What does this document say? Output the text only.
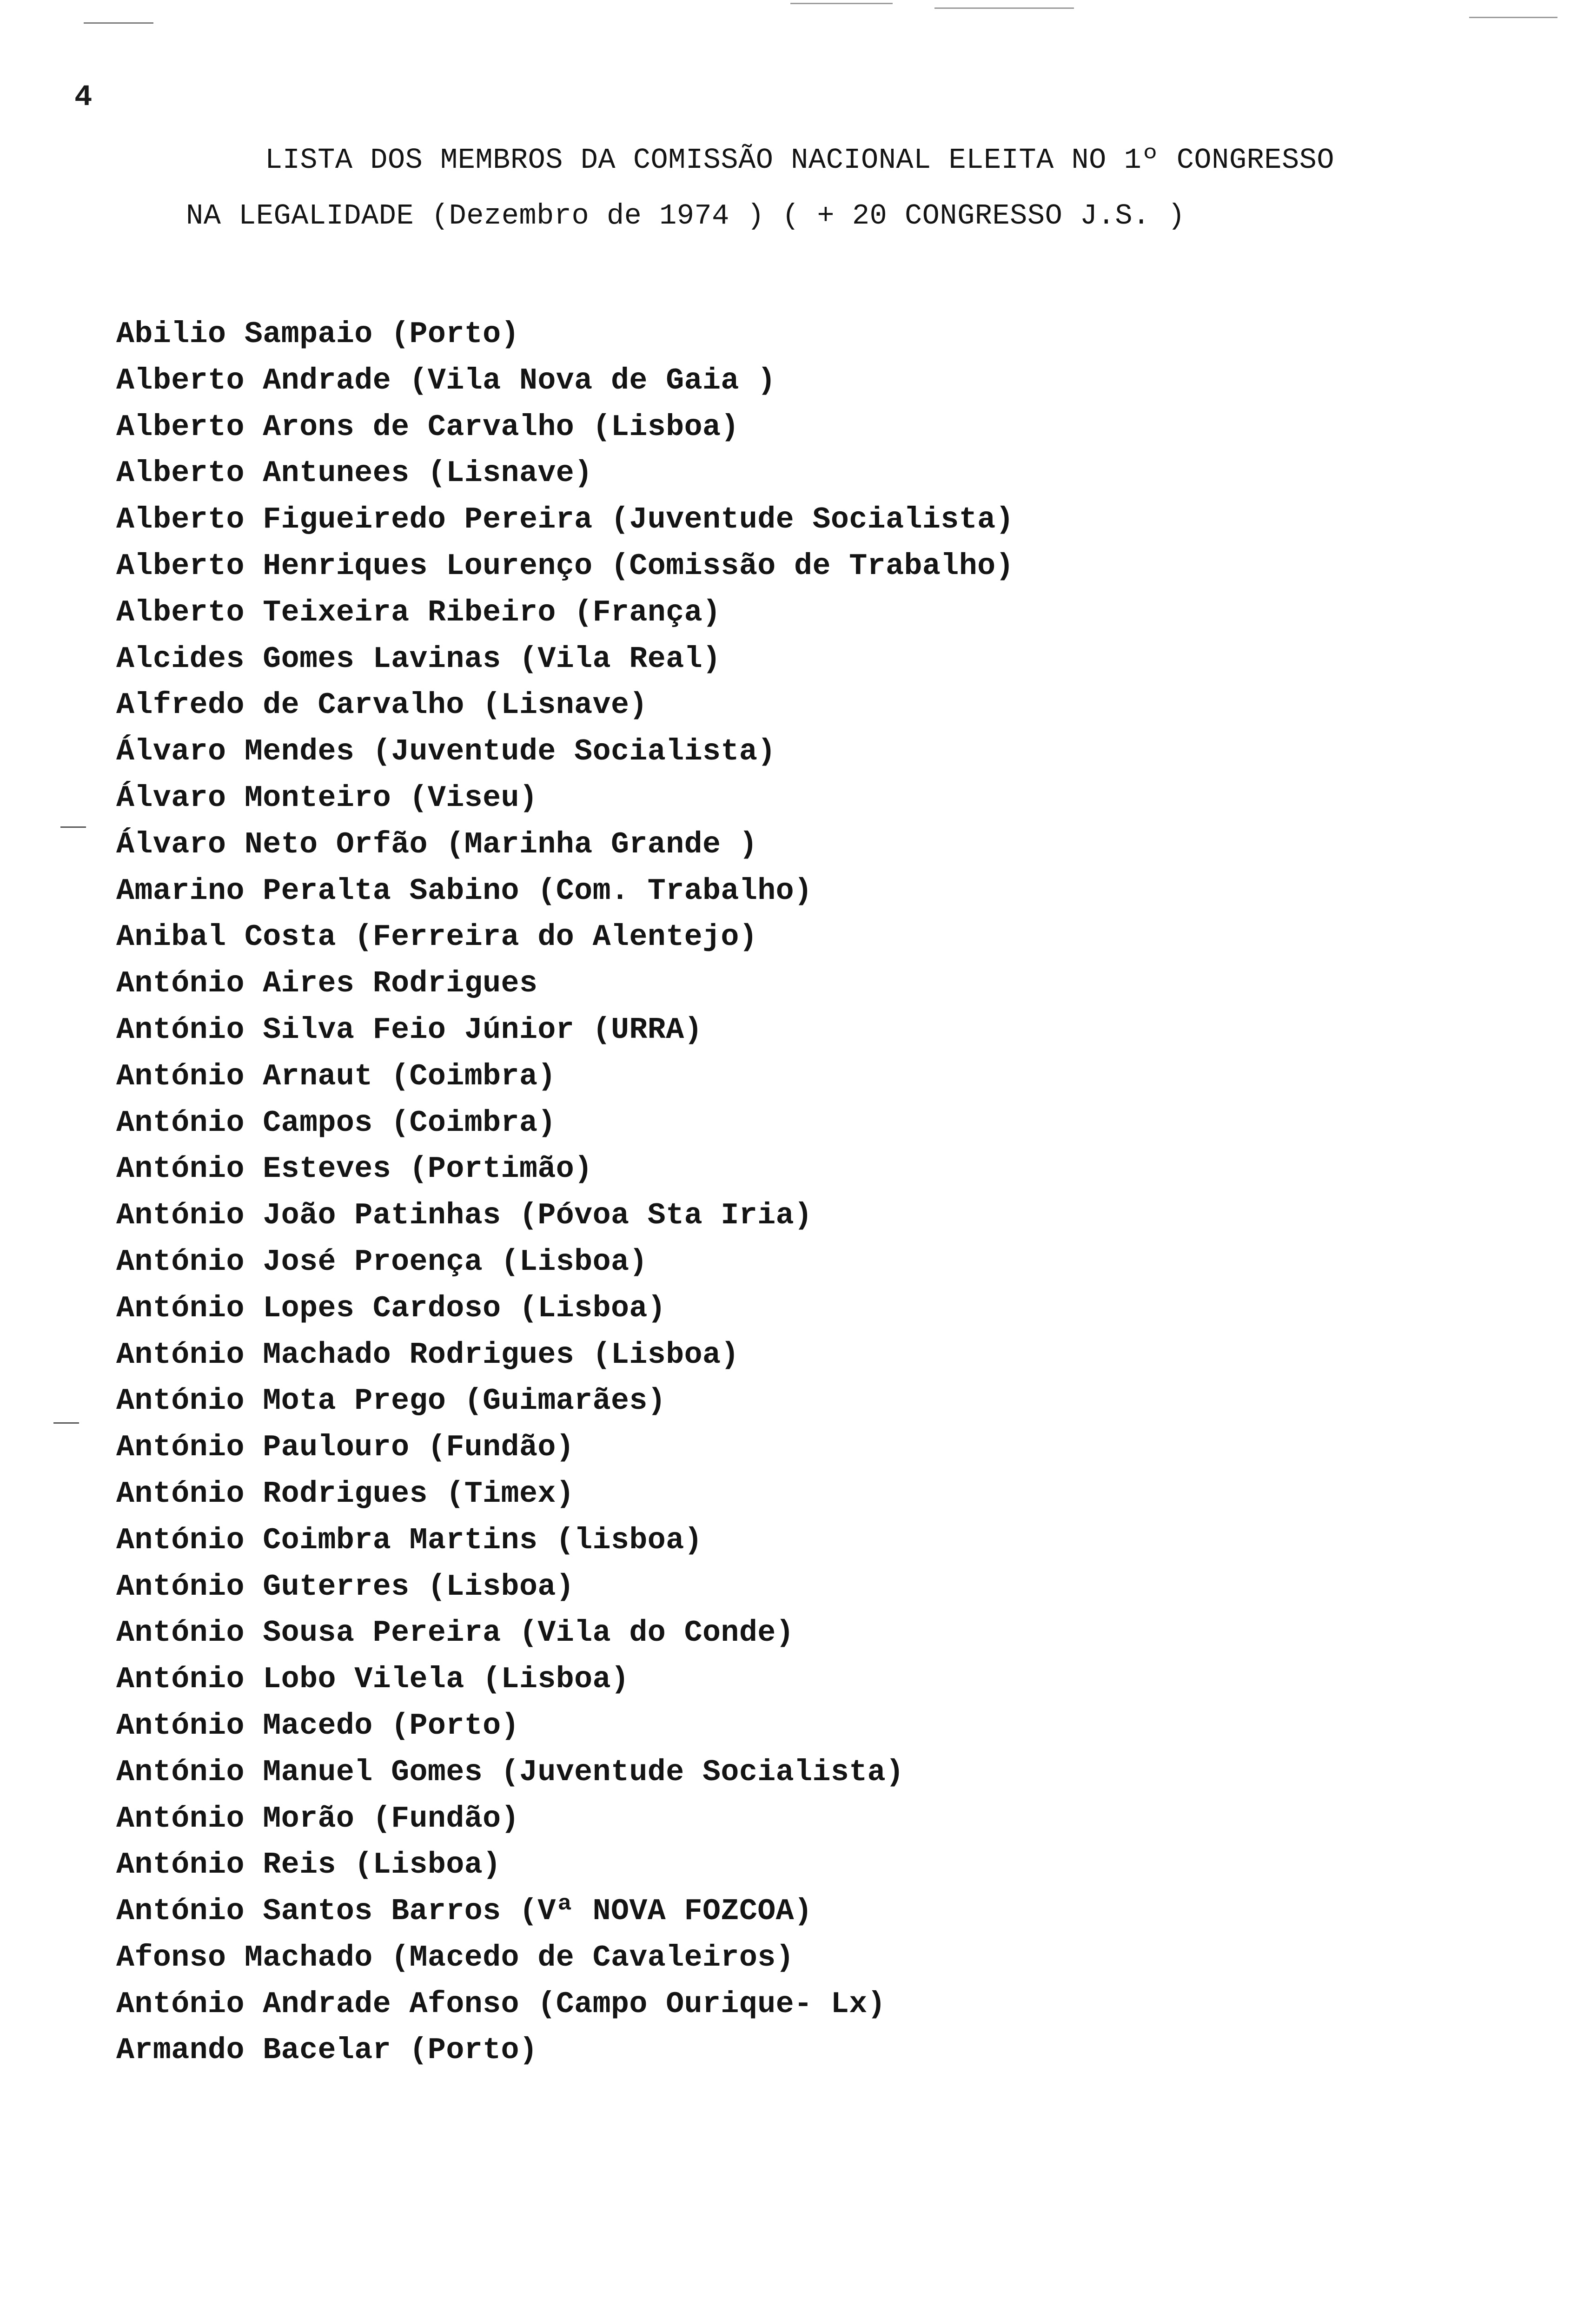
4
LISTA DOS MEMBROS DA COMISSÃO NACIONAL ELEITA NO 1º CONGRESSO
NA LEGALIDADE (Dezembro de 1974 ) ( + 20 CONGRESSO J.S. )
Abilio Sampaio (Porto)
Alberto Andrade (Vila Nova de Gaia )
Alberto Arons de Carvalho (Lisboa)
Alberto Antunees (Lisnave)
Alberto Figueiredo Pereira (Juventude Socialista)
Alberto Henriques Lourenço (Comissão de Trabalho)
Alberto Teixeira Ribeiro (França)
Alcides Gomes Lavinas (Vila Real)
Alfredo de Carvalho (Lisnave)
Álvaro Mendes (Juventude Socialista)
Álvaro Monteiro (Viseu)
Álvaro Neto Orfão (Marinha Grande )
Amarino Peralta Sabino (Com. Trabalho)
Anibal Costa (Ferreira do Alentejo)
António Aires Rodrigues
António Silva Feio Júnior (URRA)
António Arnaut (Coimbra)
António Campos (Coimbra)
António Esteves (Portimão)
António João Patinhas (Póvoa Sta Iria)
António José Proença (Lisboa)
António Lopes Cardoso (Lisboa)
António Machado Rodrigues (Lisboa)
António Mota Prego (Guimarães)
António Paulouro (Fundão)
António Rodrigues (Timex)
António Coimbra Martins (lisboa)
António Guterres (Lisboa)
António Sousa Pereira (Vila do Conde)
António Lobo Vilela (Lisboa)
António Macedo (Porto)
António Manuel Gomes (Juventude Socialista)
António Morão (Fundão)
António Reis (Lisboa)
António Santos Barros (Vª NOVA FOZCOA)
Afonso Machado (Macedo de Cavaleiros)
António Andrade Afonso (Campo Ourique- Lx)
Armando Bacelar (Porto)
